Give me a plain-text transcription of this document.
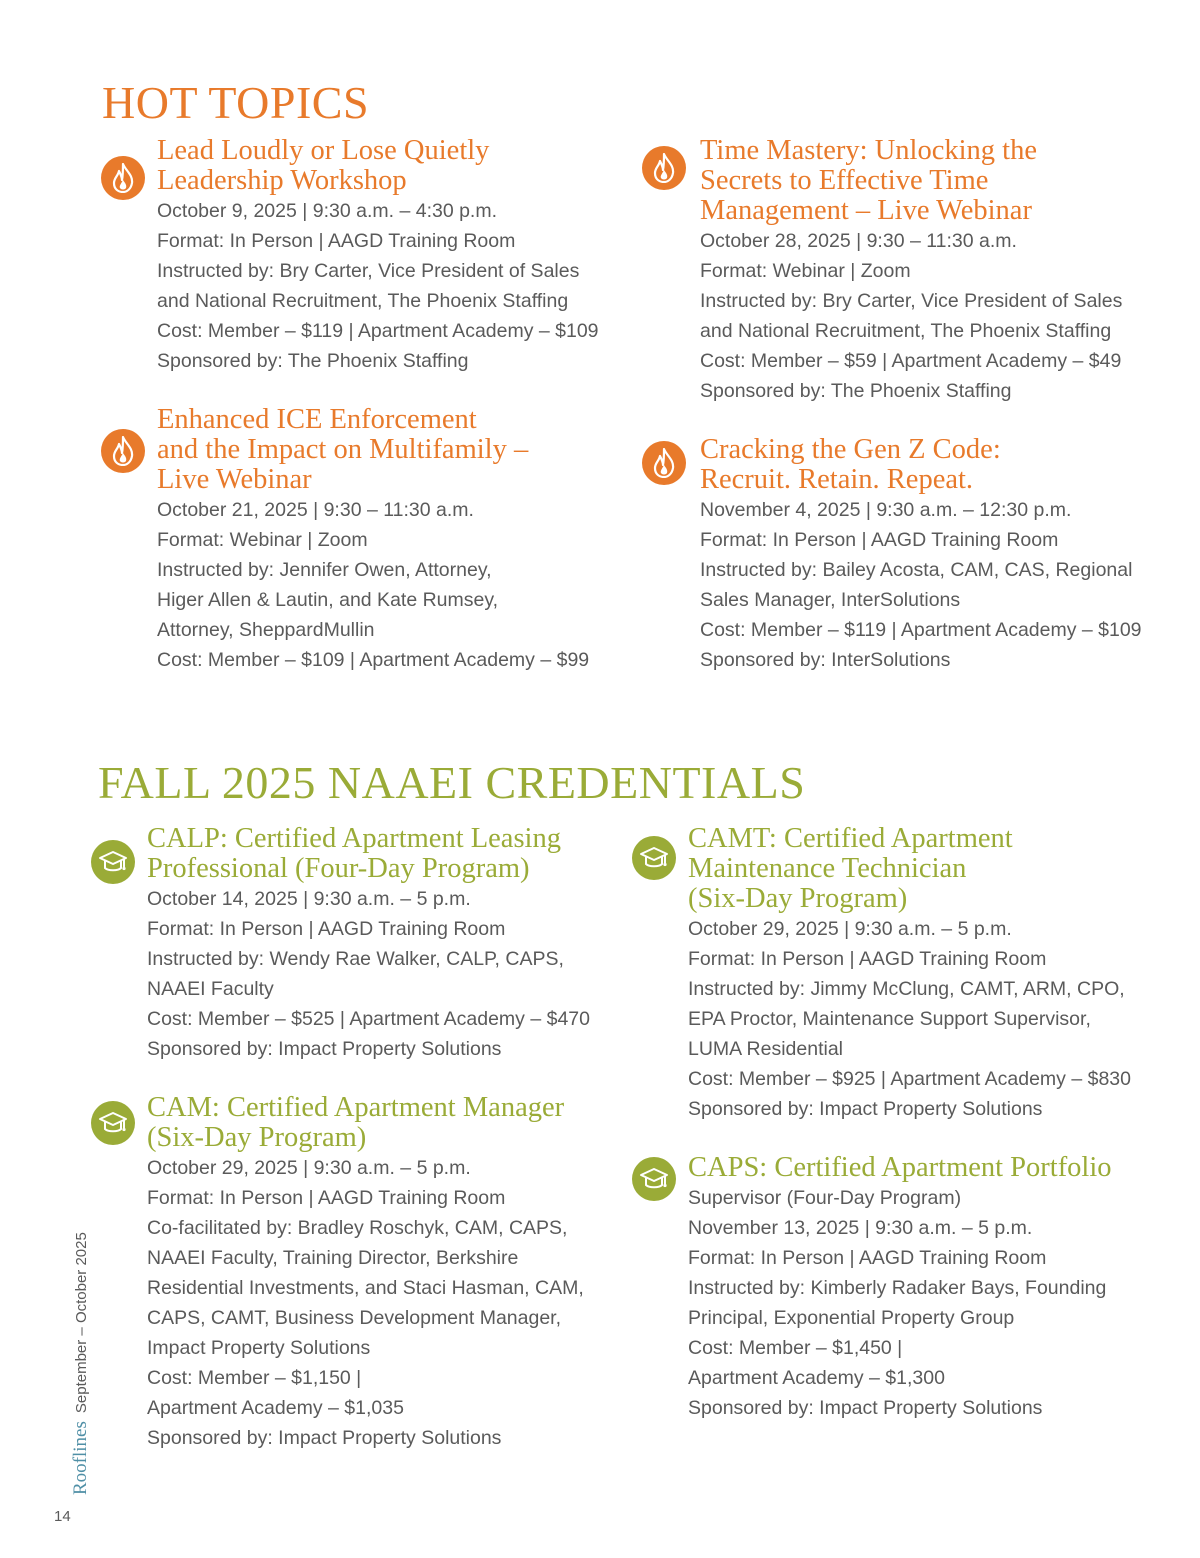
HOT TOPICS
Lead Loudly or Lose Quietly
Leadership Workshop

October 9, 2025 | 9:30 a.m. – 4:30 p.m.

Format: In Person | AAGD Training Room

Instructed by: Bry Carter, Vice President of Sales

and National Recruitment, The Phoenix Staffing

Cost: Member – $119 | Apartment Academy – $109

Sponsored by: The Phoenix Staffing

Time Mastery: Unlocking the
Secrets to Effective Time
Management – Live Webinar

October 28, 2025 | 9:30 – 11:30 a.m.

Format: Webinar | Zoom

Instructed by: Bry Carter, Vice President of Sales

and National Recruitment, The Phoenix Staffing

Cost: Member – $59 | Apartment Academy – $49

Sponsored by: The Phoenix Staffing

Enhanced ICE Enforcement
and the Impact on Multifamily –
Live Webinar

October 21, 2025 | 9:30 – 11:30 a.m.

Format: Webinar | Zoom

Instructed by: Jennifer Owen, Attorney,

Higer Allen & Lautin, and Kate Rumsey,

Attorney, SheppardMullin

Cost: Member – $109 | Apartment Academy – $99

Cracking the Gen Z Code:
Recruit. Retain. Repeat.

November 4, 2025 | 9:30 a.m. – 12:30 p.m.

Format: In Person | AAGD Training Room

Instructed by: Bailey Acosta, CAM, CAS, Regional

Sales Manager, InterSolutions

Cost: Member – $119 | Apartment Academy – $109

Sponsored by: InterSolutions

FALL 2025 NAAEI CREDENTIALS
CALP: Certified Apartment Leasing
Professional (Four-Day Program)

October 14, 2025 | 9:30 a.m. – 5 p.m.

Format: In Person | AAGD Training Room

Instructed by: Wendy Rae Walker, CALP, CAPS,

NAAEI Faculty

Cost: Member – $525 | Apartment Academy – $470

Sponsored by: Impact Property Solutions

CAMT: Certified Apartment
Maintenance Technician
(Six-Day Program)

October 29, 2025 | 9:30 a.m. – 5 p.m.

Format: In Person | AAGD Training Room

Instructed by: Jimmy McClung, CAMT, ARM, CPO,

EPA Proctor, Maintenance Support Supervisor,

LUMA Residential

Cost: Member – $925 | Apartment Academy – $830

Sponsored by: Impact Property Solutions

CAM: Certified Apartment Manager
(Six-Day Program)

October 29, 2025 | 9:30 a.m. – 5 p.m.

Format: In Person | AAGD Training Room

Co-facilitated by: Bradley Roschyk, CAM, CAPS,

NAAEI Faculty, Training Director, Berkshire

Residential Investments, and Staci Hasman, CAM,

CAPS, CAMT, Business Development Manager,

Impact Property Solutions

Cost: Member – $1,150 |

Apartment Academy – $1,035

Sponsored by: Impact Property Solutions

CAPS: Certified Apartment Portfolio

Supervisor (Four-Day Program)

November 13, 2025 | 9:30 a.m. – 5 p.m.

Format: In Person | AAGD Training Room

Instructed by: Kimberly Radaker Bays, Founding

Principal, Exponential Property Group

Cost: Member – $1,450 |

Apartment Academy – $1,300

Sponsored by: Impact Property Solutions

RooflinesSeptember – October 2025
14
